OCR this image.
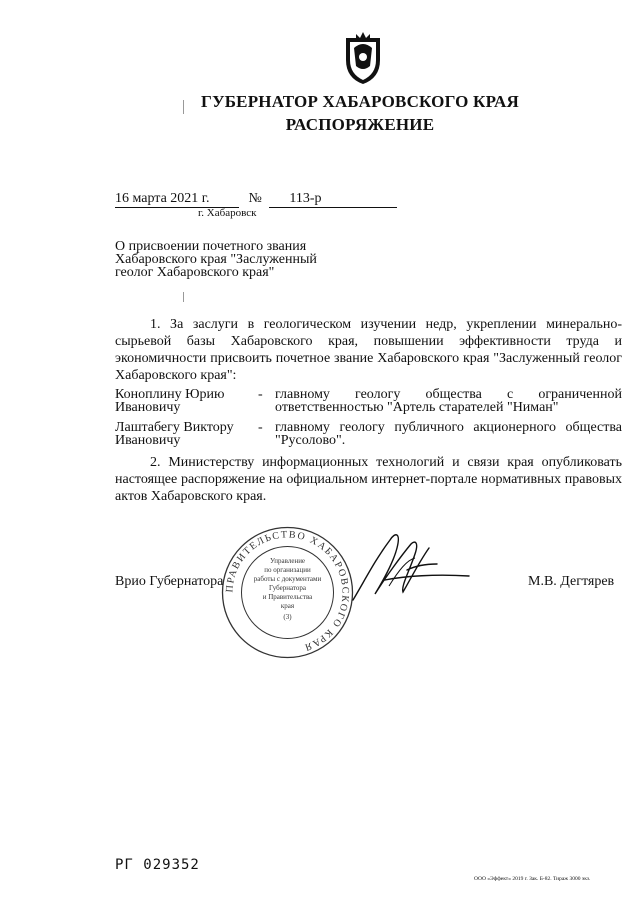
ГУБЕРНАТОР ХАБАРОВСКОГО КРАЯ
РАСПОРЯЖЕНИЕ
16 марта 2021 г.	№ 113-р
г. Хабаровск
О присвоении почетного звания Хабаровского края "Заслуженный геолог Хабаровского края"
1. За заслуги в геологическом изучении недр, укреплении минерально-сырьевой базы Хабаровского края, повышении эффективности труда и экономичности присвоить почетное звание Хабаровского края "Заслуженный геолог Хабаровского края":
Коноплину Юрию Ивановичу
- главному геологу общества с ограниченной ответственностью "Артель старателей "Ниман"
Лаштабегу Виктору Ивановичу
- главному геологу публичного акционерного общества "Русолово".
2. Министерству информационных технологий и связи края опубликовать настоящее распоряжение на официальном интернет-портале нормативных правовых актов Хабаровского края.
ПРАВИТЕЛЬСТВО ХАБАРОВСКОГО КРАЯ
Управление
по организации
работы с документами
Губернатора
и Правительства
края
(3)
Врио Губернатора	М.В. Дегтярев
РГ 029352
ООО «Эффект» 2019 г. Зак. Б-82. Тираж 3000 экз.
